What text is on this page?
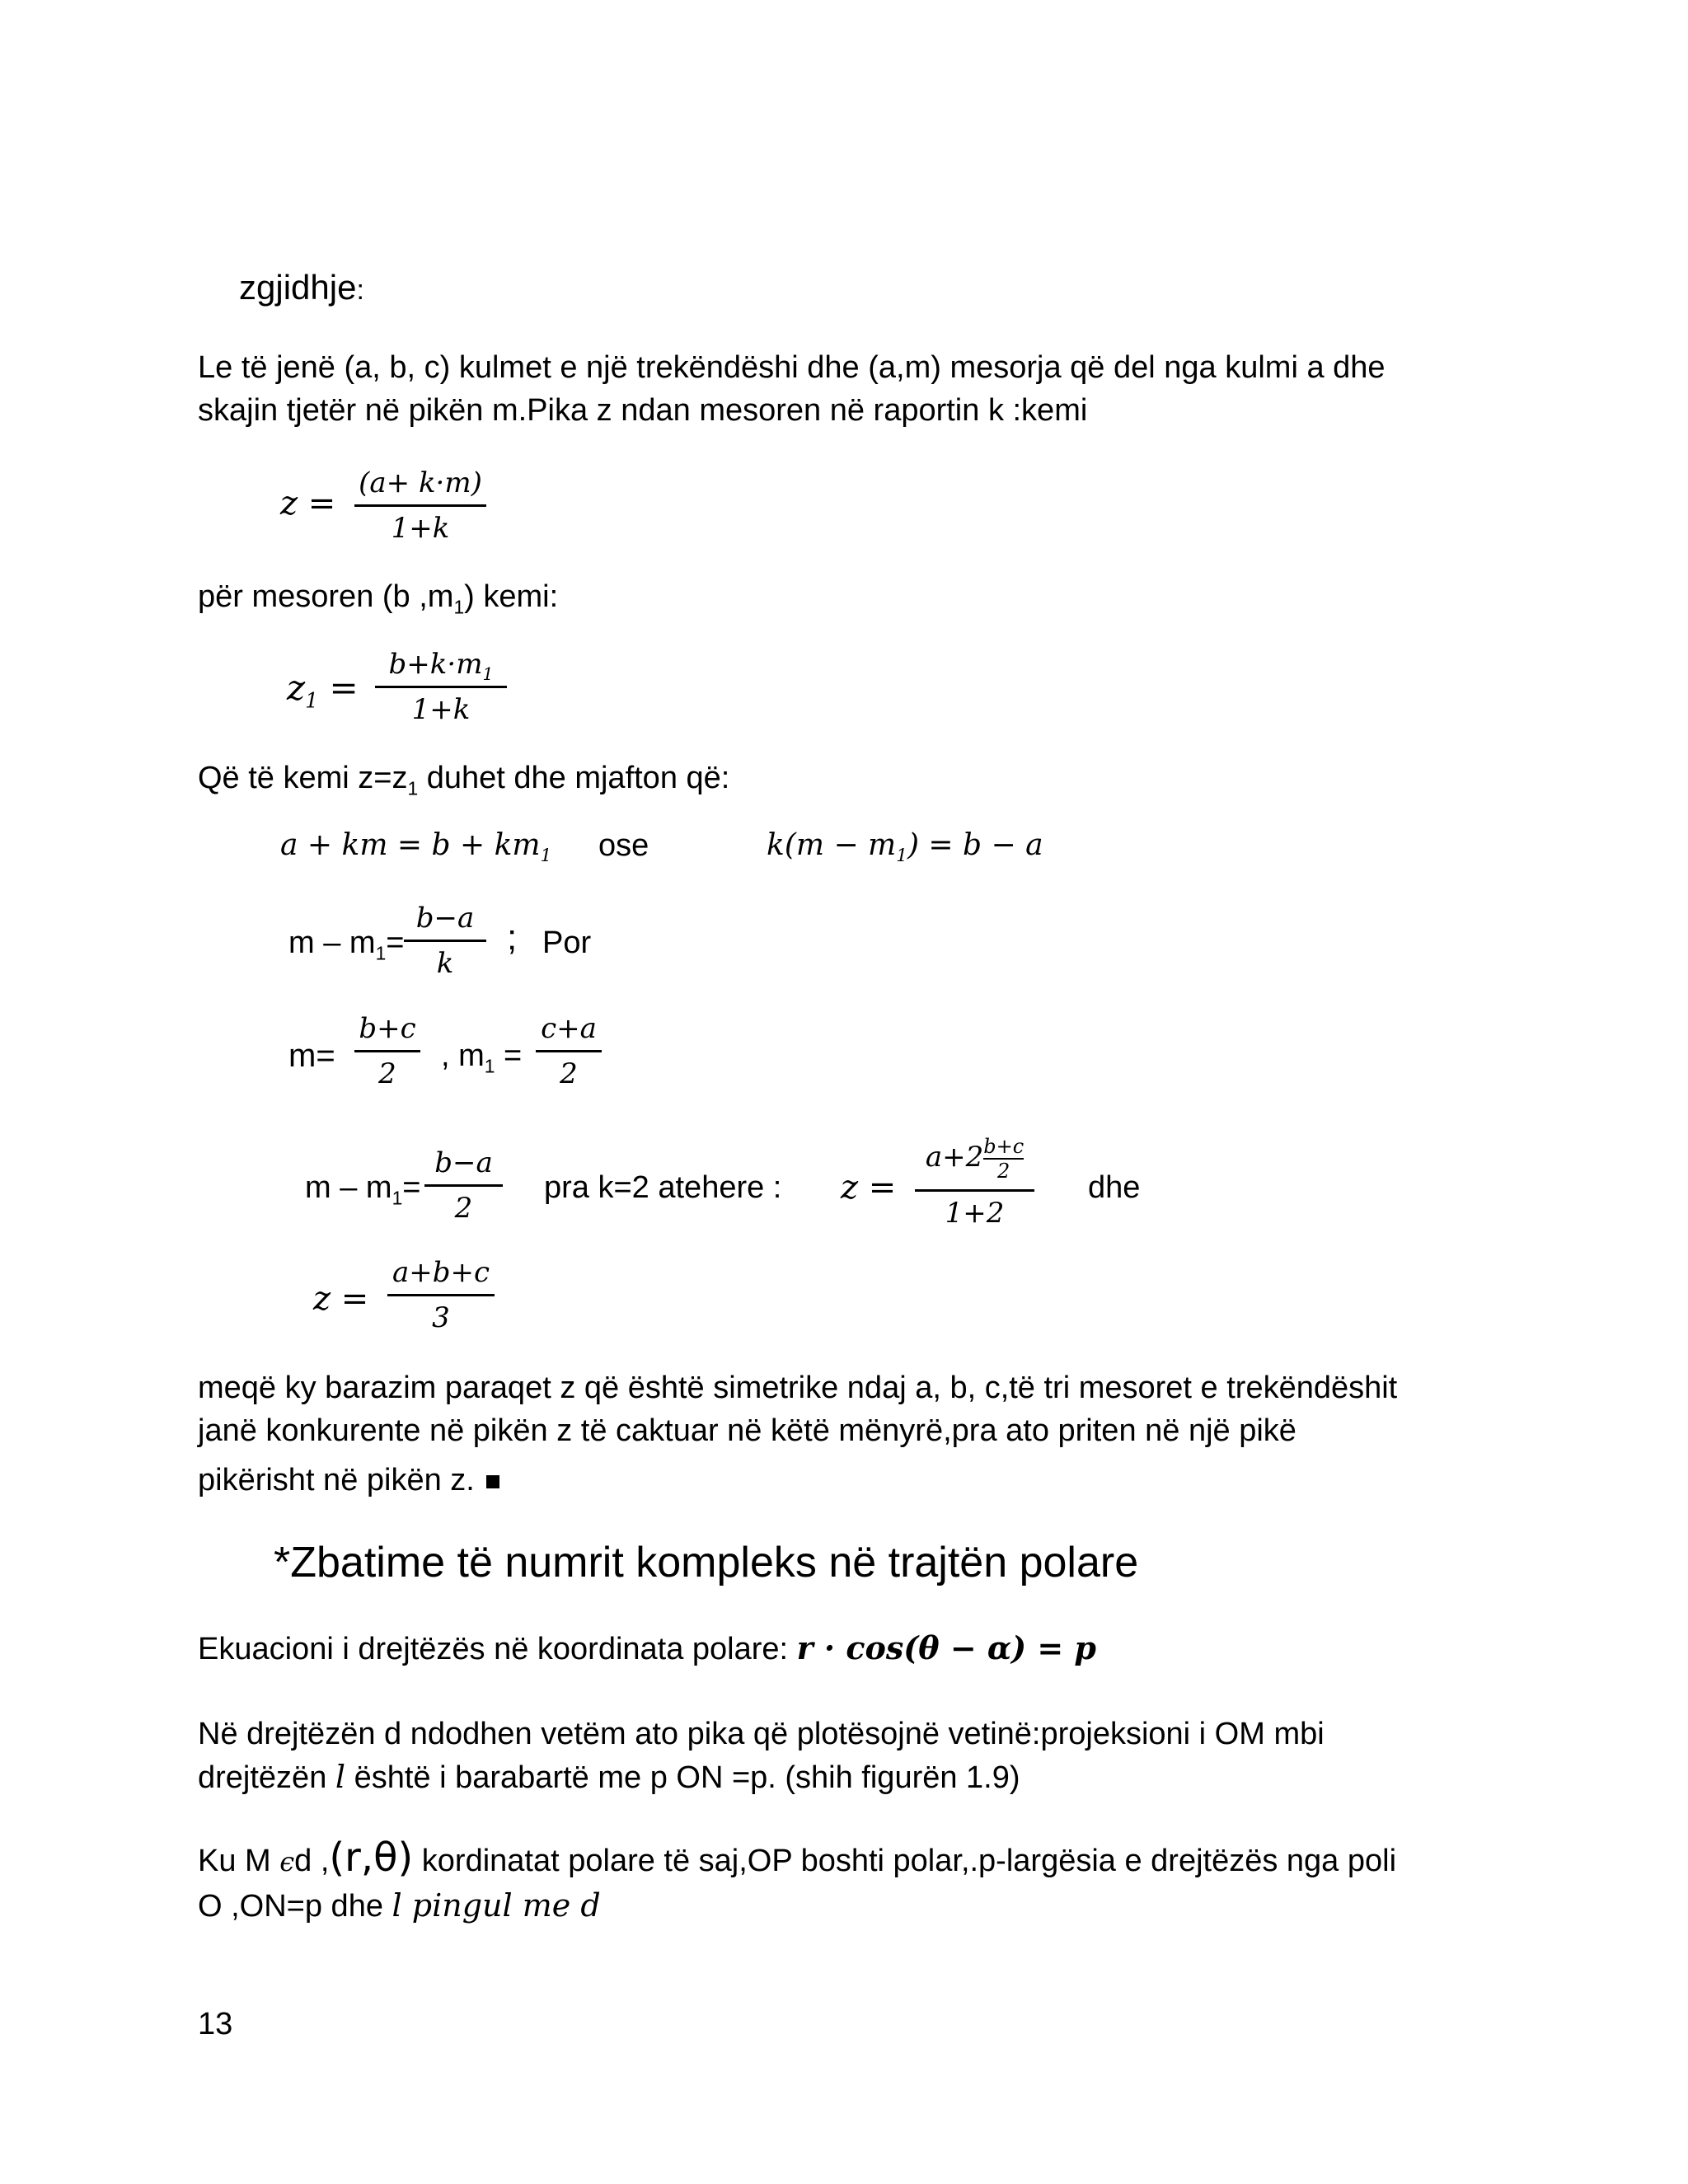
zgjidhje:
Le të jenë (a, b, c) kulmet e një trekëndëshi dhe (a,m) mesorja që del nga kulmi a dhe
skajin tjetër në pikën m.Pika z ndan mesoren në raportin k :kemi
z =
(a+ k·m)
1+k
për mesoren (b $,m_1$) kemi:
$z_1$ =
$b+k\cdot m_1$
1+k
Që të kemi $z=z_1$ duhet dhe mjafton që:
a + km = $b + km_1$ ose	$k(m - m_1) = b - a$
$m - m_1=$
b−a
k
; Por
m=
b+c
2
, $m_1$ =
c+a
2
$m - m_1=$
b−a
2
pra k=2 atehere : z =
$a+2 \frac{b+c}{2}$
1+2
dhe
z =
a+b+c
3
meqë ky barazim paraqet z që është simetrike ndaj a, b, c,të tri mesoret e trekëndëshit
janë konkurente në pikën z të caktuar në këtë mënyrë,pra ato priten në një pikë
pikërisht në pikën z.
*Zbatime të numrit kompleks në trajtën polare
Ekuacioni i drejtëzës në koordinata polare: r · cos(θ − α) = p
Në drejtëzën d ndodhen vetëm ato pika që plotësojnë vetinë:projeksioni i OM mbi
drejtëzën l është i barabartë me p ON =p. (shih figurën 1.9)
Ku M ϵd ,(r,θ) kordinatat polare të saj,OP boshti polar,.p-largësia e drejtëzës nga poli
O ,ON=p dhe l pingul me d
13
